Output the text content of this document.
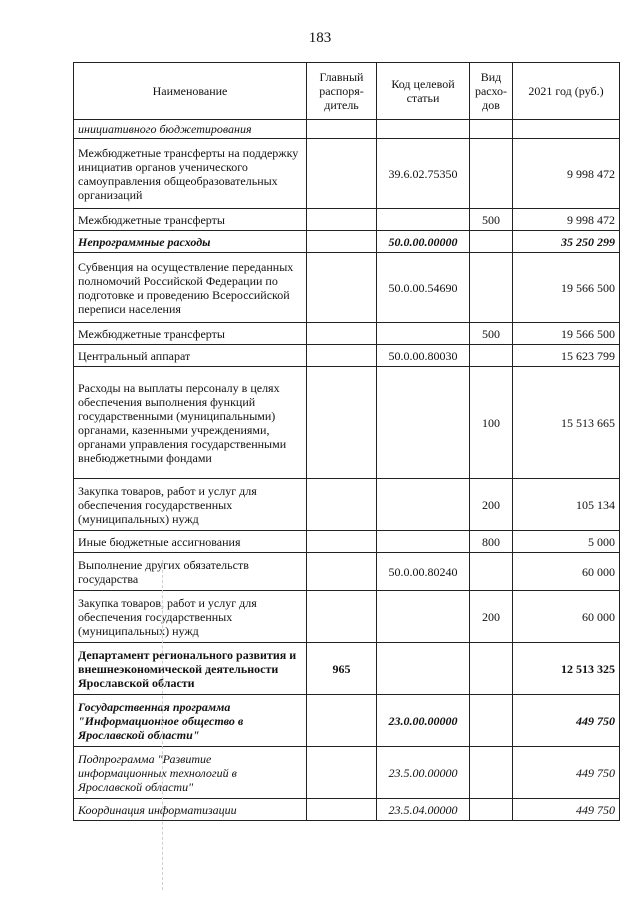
183
Наименование	Главный распоря-дитель	Код целевой статьи	Вид расхо-дов	2021 год (руб.)
инициативного бюджетирования				
Межбюджетные трансферты на поддержку инициатив органов ученического самоуправления общеобразовательных организаций		39.6.02.75350		9 998 472
Межбюджетные трансферты			500	9 998 472
Непрограммные расходы		50.0.00.00000		35 250 299
Субвенция на осуществление переданных полномочий Российской Федерации по подготовке и проведению Всероссийской переписи населения		50.0.00.54690		19 566 500
Межбюджетные трансферты			500	19 566 500
Центральный аппарат		50.0.00.80030		15 623 799
Расходы на выплаты персоналу в целях обеспечения выполнения функций государственными (муниципальными) органами, казенными учреждениями, органами управления государственными внебюджетными фондами			100	15 513 665
Закупка товаров, работ и услуг для обеспечения государственных (муниципальных) нужд			200	105 134
Иные бюджетные ассигнования			800	5 000
Выполнение других обязательств государства		50.0.00.80240		60 000
Закупка товаров, работ и услуг для обеспечения государственных (муниципальных) нужд			200	60 000
Департамент регионального развития и внешнеэкономической деятельности Ярославской области	965			12 513 325
Государственная программа "Информационное общество в Ярославской области"		23.0.00.00000		449 750
Подпрограмма "Развитие информационных технологий в Ярославской области"		23.5.00.00000		449 750
Координация информатизации		23.5.04.00000		449 750
